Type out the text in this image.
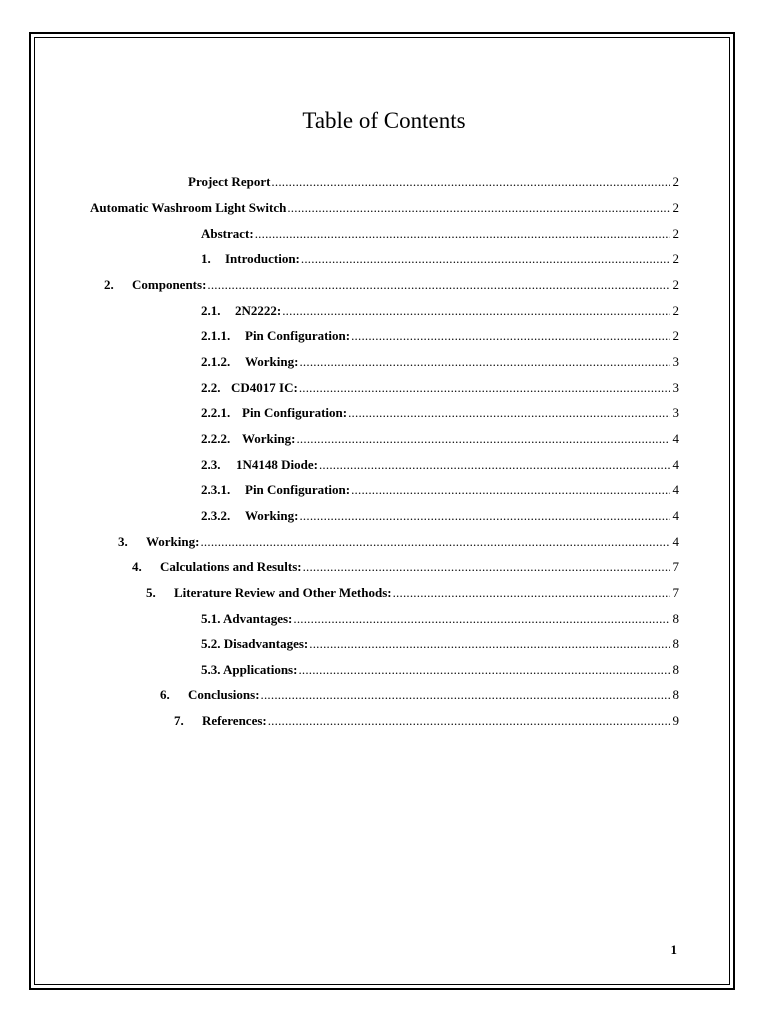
Table of Contents
Project Report .....	2
Automatic Washroom Light Switch .....	2
Abstract: .....	2
1.	Introduction: .....	2
2.	Components: .....	2
2.1.	2N2222: .....	2
2.1.1.	Pin Configuration: .....	2
2.1.2.	Working: .....	3
2.2. CD4017 IC: .....	3
2.2.1. Pin Configuration: .....	3
2.2.2. Working: .....	4
2.3.	1N4148 Diode: .....	4
2.3.1.	Pin Configuration: .....	4
2.3.2.	Working: .....	4
3.	Working: .....	4
4.	Calculations and Results: .....	7
5.	Literature Review and Other Methods: .....	7
5.1. Advantages: .....	8
5.2. Disadvantages: .....	8
5.3. Applications: .....	8
6.	Conclusions: .....	8
7.	References: .....	9
1
